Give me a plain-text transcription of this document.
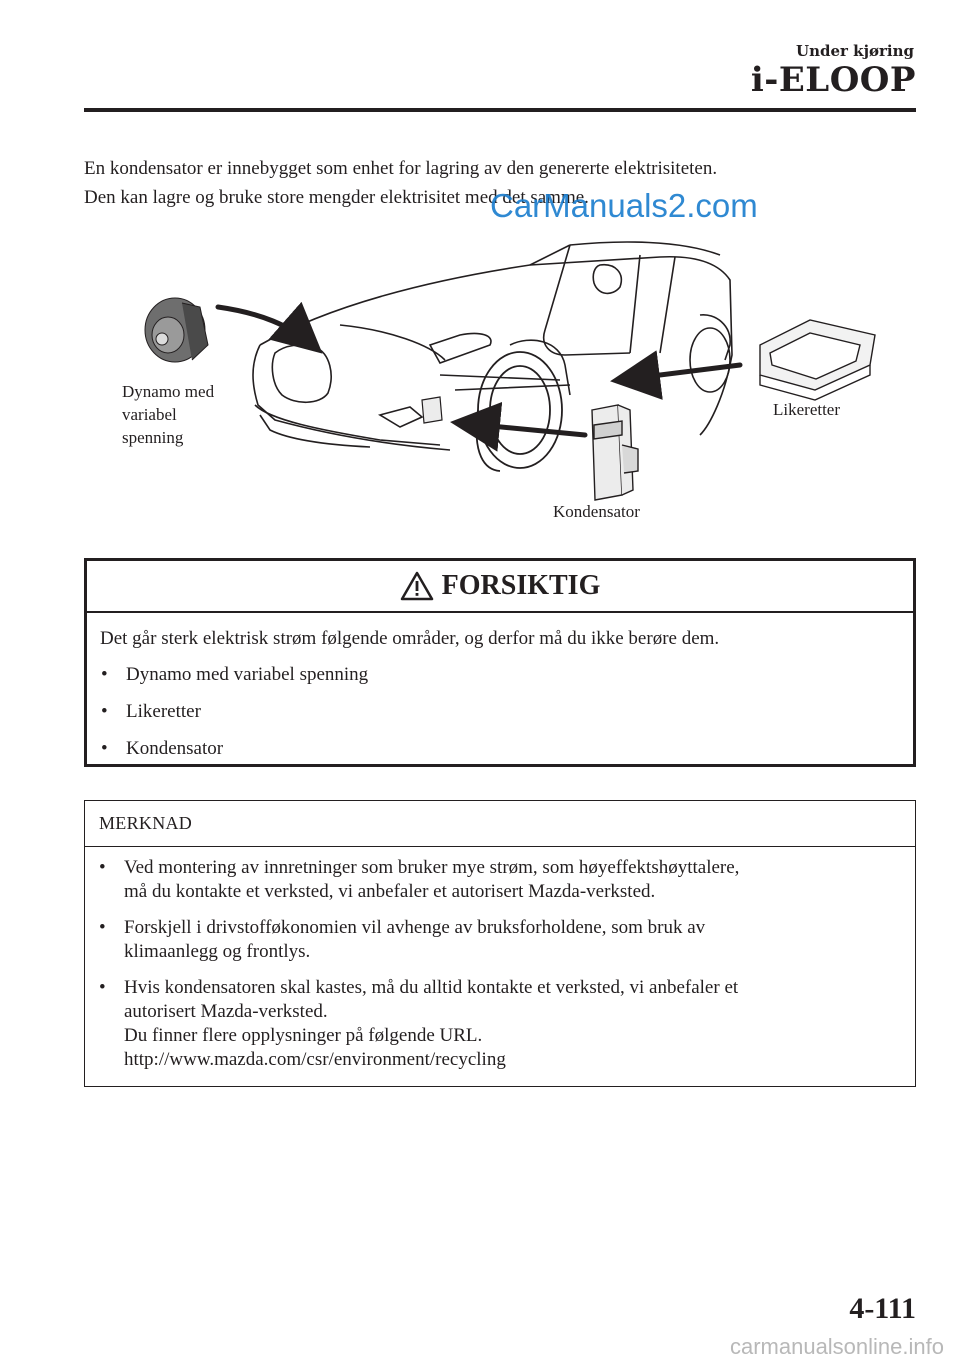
Under kjøring
i-ELOOP
En kondensator er innebygget som enhet for lagring av den genererte elektrisiteten.
Den kan lagre og bruke store mengder elektrisitet med det samme.
CarManuals2.com
Dynamo med
variabel
spenning
Likeretter
Kondensator
FORSIKTIG
Det går sterk elektrisk strøm følgende områder, og derfor må du ikke berøre dem.
• Dynamo med variabel spenning
• Likeretter
• Kondensator
MERKNAD
• Ved montering av innretninger som bruker mye strøm, som høyeffektshøyttalere,
må du kontakte et verksted, vi anbefaler et autorisert Mazda-verksted.
• Forskjell i drivstofføkonomien vil avhenge av bruksforholdene, som bruk av
klimaanlegg og frontlys.
• Hvis kondensatoren skal kastes, må du alltid kontakte et verksted, vi anbefaler et
autorisert Mazda-verksted.
Du finner flere opplysninger på følgende URL.
http://www.mazda.com/csr/environment/recycling
4-111
carmanualsonline.info
